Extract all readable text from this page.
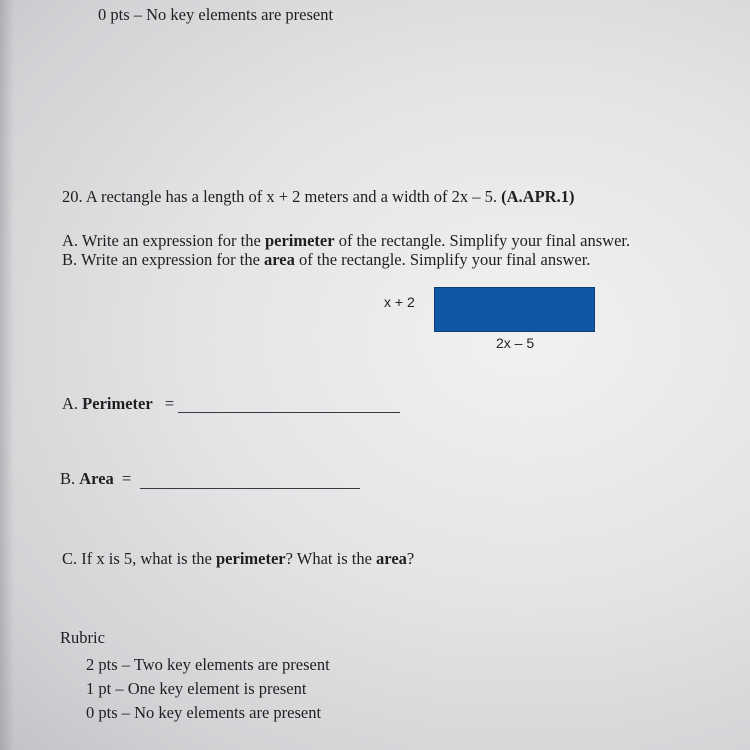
0 pts – No key elements are present
20. A rectangle has a length of x + 2 meters and a width of 2x – 5. (A.APR.1)
A. Write an expression for the perimeter of the rectangle. Simplify your final answer.
B. Write an expression for the area of the rectangle. Simplify your final answer.
x + 2
2x – 5
A. Perimeter =
B. Area =
C. If x is 5, what is the perimeter? What is the area?
Rubric
2 pts – Two key elements are present
1 pt – One key element is present
0 pts – No key elements are present
